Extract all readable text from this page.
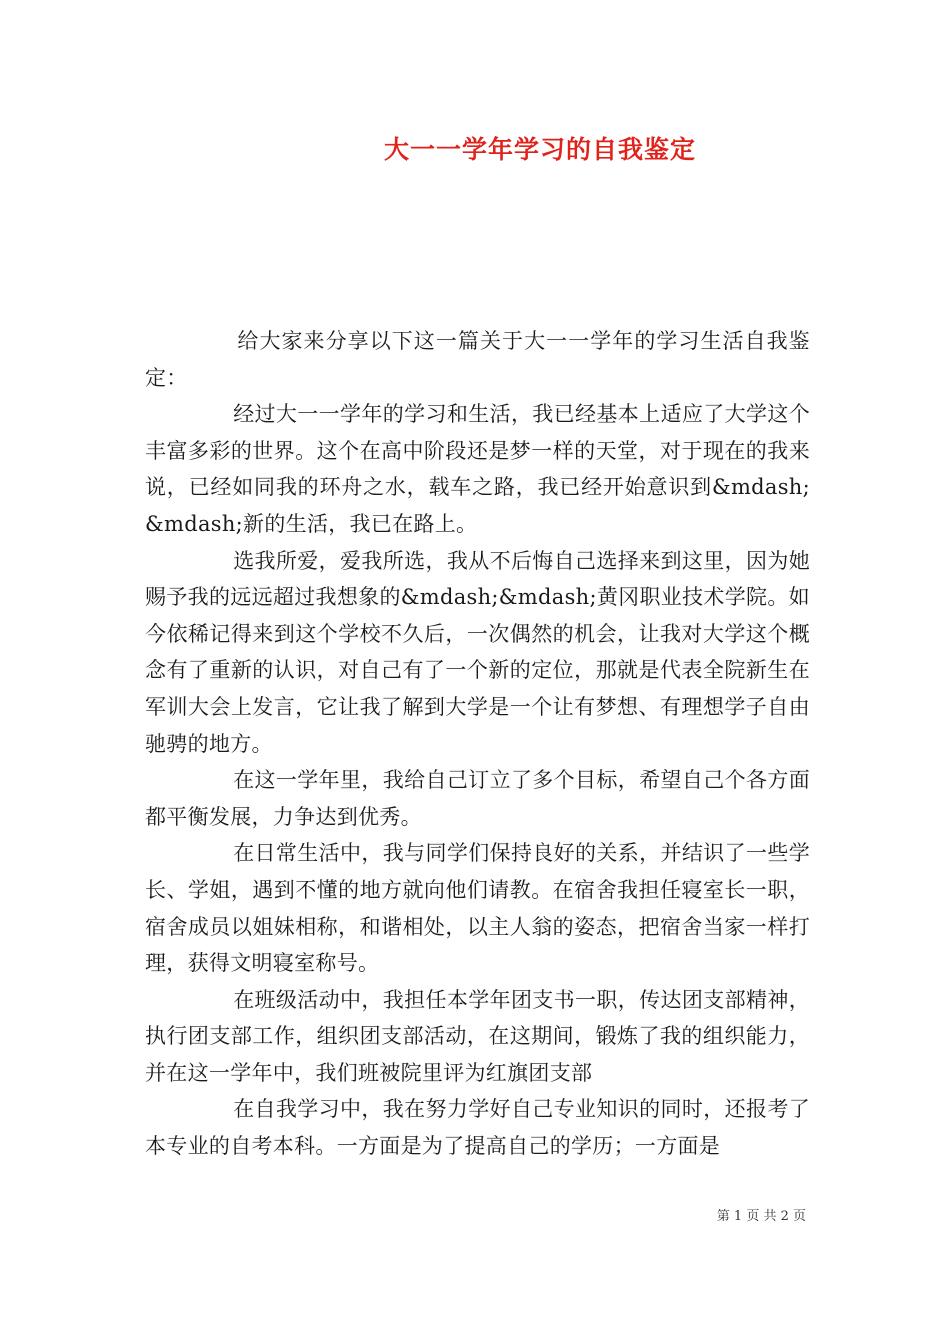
大一一学年学习的自我鉴定

给大家来分享以下这一篇关于大一一学年的学习生活自我鉴定：

经过大一一学年的学习和生活，我已经基本上适应了大学这个丰富多彩的世界。这个在高中阶段还是梦一样的天堂，对于现在的我来说，已经如同我的环舟之水，载车之路，我已经开始意识到&mdash;&mdash;新的生活，我已在路上。

选我所爱，爱我所选，我从不后悔自己选择来到这里，因为她赐予我的远远超过我想象的&mdash;&mdash;黄冈职业技术学院。如今依稀记得来到这个学校不久后，一次偶然的机会，让我对大学这个概念有了重新的认识，对自己有了一个新的定位，那就是代表全院新生在军训大会上发言，它让我了解到大学是一个让有梦想、有理想学子自由驰骋的地方。

在这一学年里，我给自己订立了多个目标，希望自己个各方面都平衡发展，力争达到优秀。

在日常生活中，我与同学们保持良好的关系，并结识了一些学长、学姐，遇到不懂的地方就向他们请教。在宿舍我担任寝室长一职，宿舍成员以姐妹相称，和谐相处，以主人翁的姿态，把宿舍当家一样打理，获得文明寝室称号。

在班级活动中，我担任本学年团支书一职，传达团支部精神，执行团支部工作，组织团支部活动，在这期间，锻炼了我的组织能力，并在这一学年中，我们班被院里评为红旗团支部

在自我学习中，我在努力学好自己专业知识的同时，还报考了本专业的自考本科。一方面是为了提高自己的学历；一方面是

第 1 页 共 2 页
